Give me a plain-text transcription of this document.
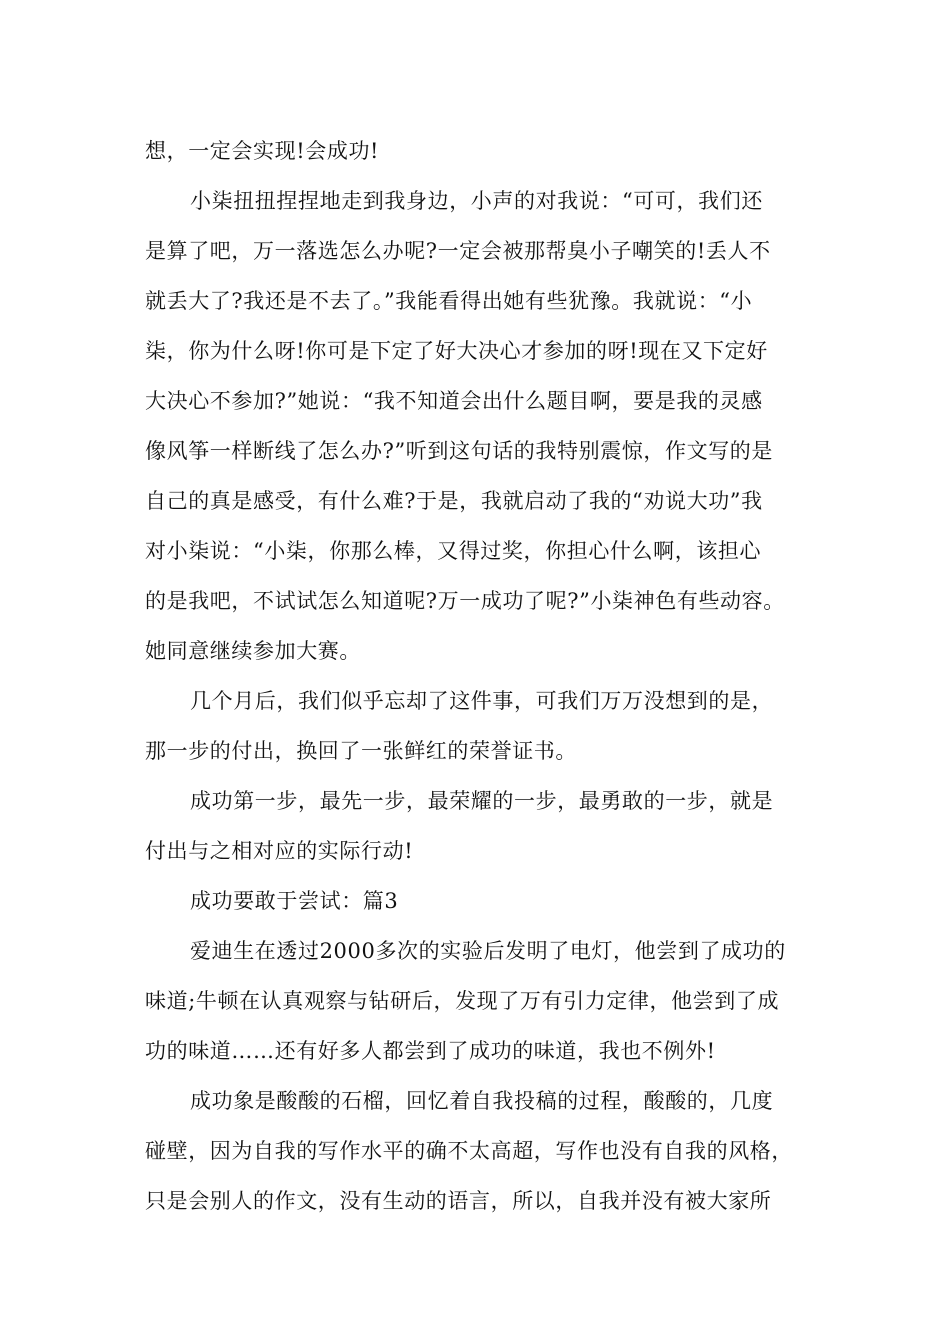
想，一定会实现!会成功!
小柒扭扭捏捏地走到我身边，小声的对我说：“可可，我们还
是算了吧，万一落选怎么办呢?一定会被那帮臭小子嘲笑的!丢人不
就丢大了?我还是不去了。”我能看得出她有些犹豫。我就说：“小
柒，你为什么呀!你可是下定了好大决心才参加的呀!现在又下定好
大决心不参加?”她说：“我不知道会出什么题目啊，要是我的灵感
像风筝一样断线了怎么办?”听到这句话的我特别震惊，作文写的是
自己的真是感受，有什么难?于是，我就启动了我的“劝说大功”我
对小柒说：“小柒，你那么棒，又得过奖，你担心什么啊，该担心
的是我吧，不试试怎么知道呢?万一成功了呢?”小柒神色有些动容。
她同意继续参加大赛。
几个月后，我们似乎忘却了这件事，可我们万万没想到的是，
那一步的付出，换回了一张鲜红的荣誉证书。
成功第一步，最先一步，最荣耀的一步，最勇敢的一步，就是
付出与之相对应的实际行动!
成功要敢于尝试：篇3
爱迪生在透过2000多次的实验后发明了电灯，他尝到了成功的
味道;牛顿在认真观察与钻研后，发现了万有引力定律，他尝到了成
功的味道……还有好多人都尝到了成功的味道，我也不例外!
成功象是酸酸的石榴，回忆着自我投稿的过程，酸酸的，几度
碰壁，因为自我的写作水平的确不太高超，写作也没有自我的风格，
只是会别人的作文，没有生动的语言，所以，自我并没有被大家所
